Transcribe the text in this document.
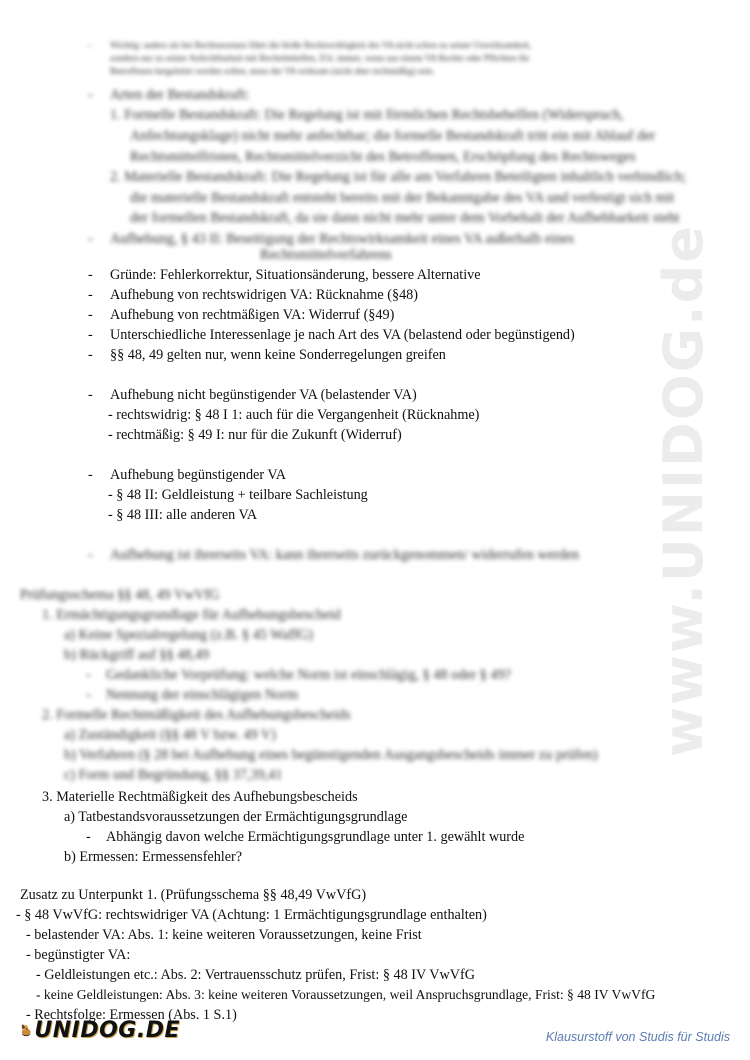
www.UNIDOG.de
- Wichtig: anders als bei Rechtsnormen führt die bloße Rechtswidrigkeit des VA nicht schon zu seiner Unwirksamkeit,
sondern nur zu seiner Anfechtbarkeit mit Rechtsbehelfen, D.h. immer, wenn aus einem VA Rechte oder Pflichten für
Betroffenen hergeleitet werden sollen, muss der VA wirksam (nicht aber rechtmäßig) sein.
- Arten der Bestandskraft:
1. Formelle Bestandskraft: Die Regelung ist mit förmlichen Rechtsbehelfen (Widerspruch,
Anfechtungsklage) nicht mehr anfechtbar; die formelle Bestandskraft tritt ein mit Ablauf der
Rechtsmittelfristen, Rechtsmittelverzicht des Betroffenen, Erschöpfung des Rechtsweges
2. Materielle Bestandskraft: Die Regelung ist für alle am Verfahren Beteiligten inhaltlich verbindlich;
die materielle Bestandskraft entsteht bereits mit der Bekanntgabe des VA und verfestigt sich mit
der formellen Bestandskraft, da sie dann nicht mehr unter dem Vorbehalt der Aufhebbarkeit steht
- Aufhebung, § 43 II: Beseitigung der Rechtswirksamkeit eines VA außerhalb eines
Rechtsmittelverfahrens
- Gründe: Fehlerkorrektur, Situationsänderung, bessere Alternative
- Aufhebung von rechtswidrigen VA: Rücknahme (§48)
- Aufhebung von rechtmäßigen VA: Widerruf (§49)
- Unterschiedliche Interessenlage je nach Art des VA (belastend oder begünstigend)
- §§ 48, 49 gelten nur, wenn keine Sonderregelungen greifen
- Aufhebung nicht begünstigender VA (belastender VA)
- rechtswidrig: § 48 I 1: auch für die Vergangenheit (Rücknahme)
- rechtmäßig: § 49 I: nur für die Zukunft (Widerruf)
- Aufhebung begünstigender VA
- § 48 II: Geldleistung + teilbare Sachleistung
- § 48 III: alle anderen VA
- Aufhebung ist ihrerseits VA: kann ihrerseits zurückgenommen/ widerrufen werden
Prüfungsschema §§ 48, 49 VwVfG
1. Ermächtigungsgrundlage für Aufhebungsbescheid
a) Keine Spezialregelung (z.B. § 45 WaffG)
b) Rückgriff auf §§ 48,49
- Gedankliche Vorprüfung: welche Norm ist einschlägig, § 48 oder § 49?
- Nennung der einschlägigen Norm
2. Formelle Rechtmäßigkeit des Aufhebungsbescheids
a) Zuständigkeit (§§ 48 V bzw. 49 V)
b) Verfahren (§ 28 bei Aufhebung eines begünstigenden Ausgangsbescheids immer zu prüfen)
c) Form und Begründung, §§ 37,39,41
3. Materielle Rechtmäßigkeit des Aufhebungsbescheids
a) Tatbestandsvoraussetzungen der Ermächtigungsgrundlage
- Abhängig davon welche Ermächtigungsgrundlage unter 1. gewählt wurde
b) Ermessen: Ermessensfehler?
Zusatz zu Unterpunkt 1. (Prüfungsschema §§ 48,49 VwVfG)
- § 48 VwVfG: rechtswidriger VA (Achtung: 1 Ermächtigungsgrundlage enthalten)
- belastender VA: Abs. 1: keine weiteren Voraussetzungen, keine Frist
- begünstigter VA:
- Geldleistungen etc.: Abs. 2: Vertrauensschutz prüfen, Frist: § 48 IV VwVfG
- keine Geldleistungen: Abs. 3: keine weiteren Voraussetzungen, weil Anspruchsgrundlage, Frist: § 48 IV VwVfG
- Rechtsfolge: Ermessen (Abs. 1 S.1)
UNIDOG.DE	Klausurstoff von Studis für Studis
